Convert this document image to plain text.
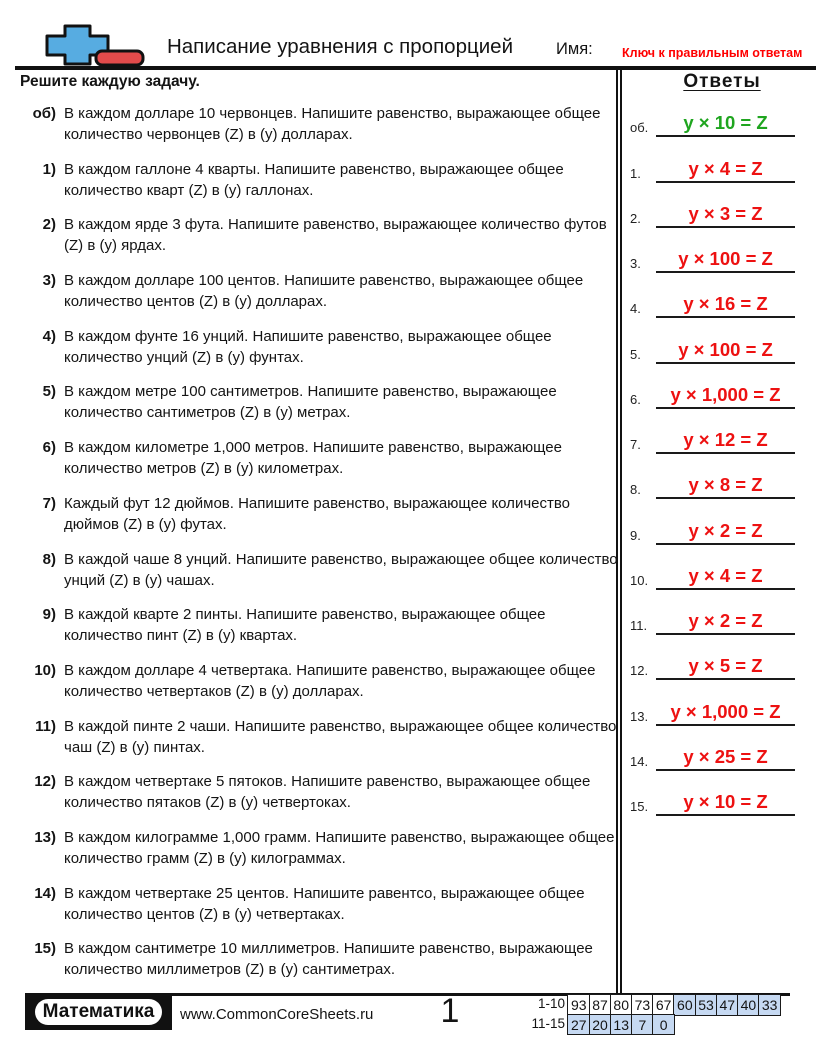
Написание уравнения с пропорцией	Имя: Ключ к правильным ответам
Решите каждую задачу.
об) В каждом долларе 10 червонцев. Напишите равенство, выражающее общее количество червонцев (Z) в (y) долларах.
1) В каждом галлоне 4 кварты. Напишите равенство, выражающее общее количество кварт (Z) в (y) галлонах.
2) В каждом ярде 3 фута. Напишите равенство, выражающее количество футов (Z) в (y) ярдах.
3) В каждом долларе 100 центов. Напишите равенство, выражающее общее количество центов (Z) в (y) долларах.
4) В каждом фунте 16 унций. Напишите равенство, выражающее общее количество унций (Z) в (y) фунтах.
5) В каждом метре 100 сантиметров. Напишите равенство, выражающее количество сантиметров (Z) в (y) метрах.
6) В каждом километре 1,000 метров. Напишите равенство, выражающее количество метров (Z) в (y) километрах.
7) Каждый фут 12 дюймов. Напишите равенство, выражающее количество дюймов (Z) в (y) футах.
8) В каждой чаше 8 унций. Напишите равенство, выражающее общее количество унций (Z) в (y) чашах.
9) В каждой кварте 2 пинты. Напишите равенство, выражающее общее количество пинт (Z) в (y) квартах.
10) В каждом долларе 4 четвертака. Напишите равенство, выражающее общее количество четвертаков (Z) в (y) долларах.
11) В каждой пинте 2 чаши. Напишите равенство, выражающее общее количество чаш (Z) в (y) пинтах.
12) В каждом четвертаке 5 пятоков. Напишите равенство, выражающее общее количество пятаков (Z) в (y) четвертоках.
13) В каждом килограмме 1,000 грамм. Напишите равенство, выражающее общее количество грамм (Z) в (y) килограммах.
14) В каждом четвертаке 25 центов. Напишите равентсо, выражающее общее количество центов (Z) в (y) четвертаках.
15) В каждом сантиметре 10 миллиметров. Напишите равенство, выражающее количество миллиметров (Z) в (y) сантиметрах.
Ответы
об.	y × 10 = Z
1.	y × 4 = Z
2.	y × 3 = Z
3.	y × 100 = Z
4.	y × 16 = Z
5.	y × 100 = Z
6.	y × 1,000 = Z
7.	y × 12 = Z
8.	y × 8 = Z
9.	y × 2 = Z
10.	y × 4 = Z
11.	y × 2 = Z
12.	y × 5 = Z
13.	y × 1,000 = Z
14.	y × 25 = Z
15.	y × 10 = Z
Математика	www.CommonCoreSheets.ru	1	1-10 93 87 80 73 67 60 53 47 40 33
11-15 27 20 13 7 0
